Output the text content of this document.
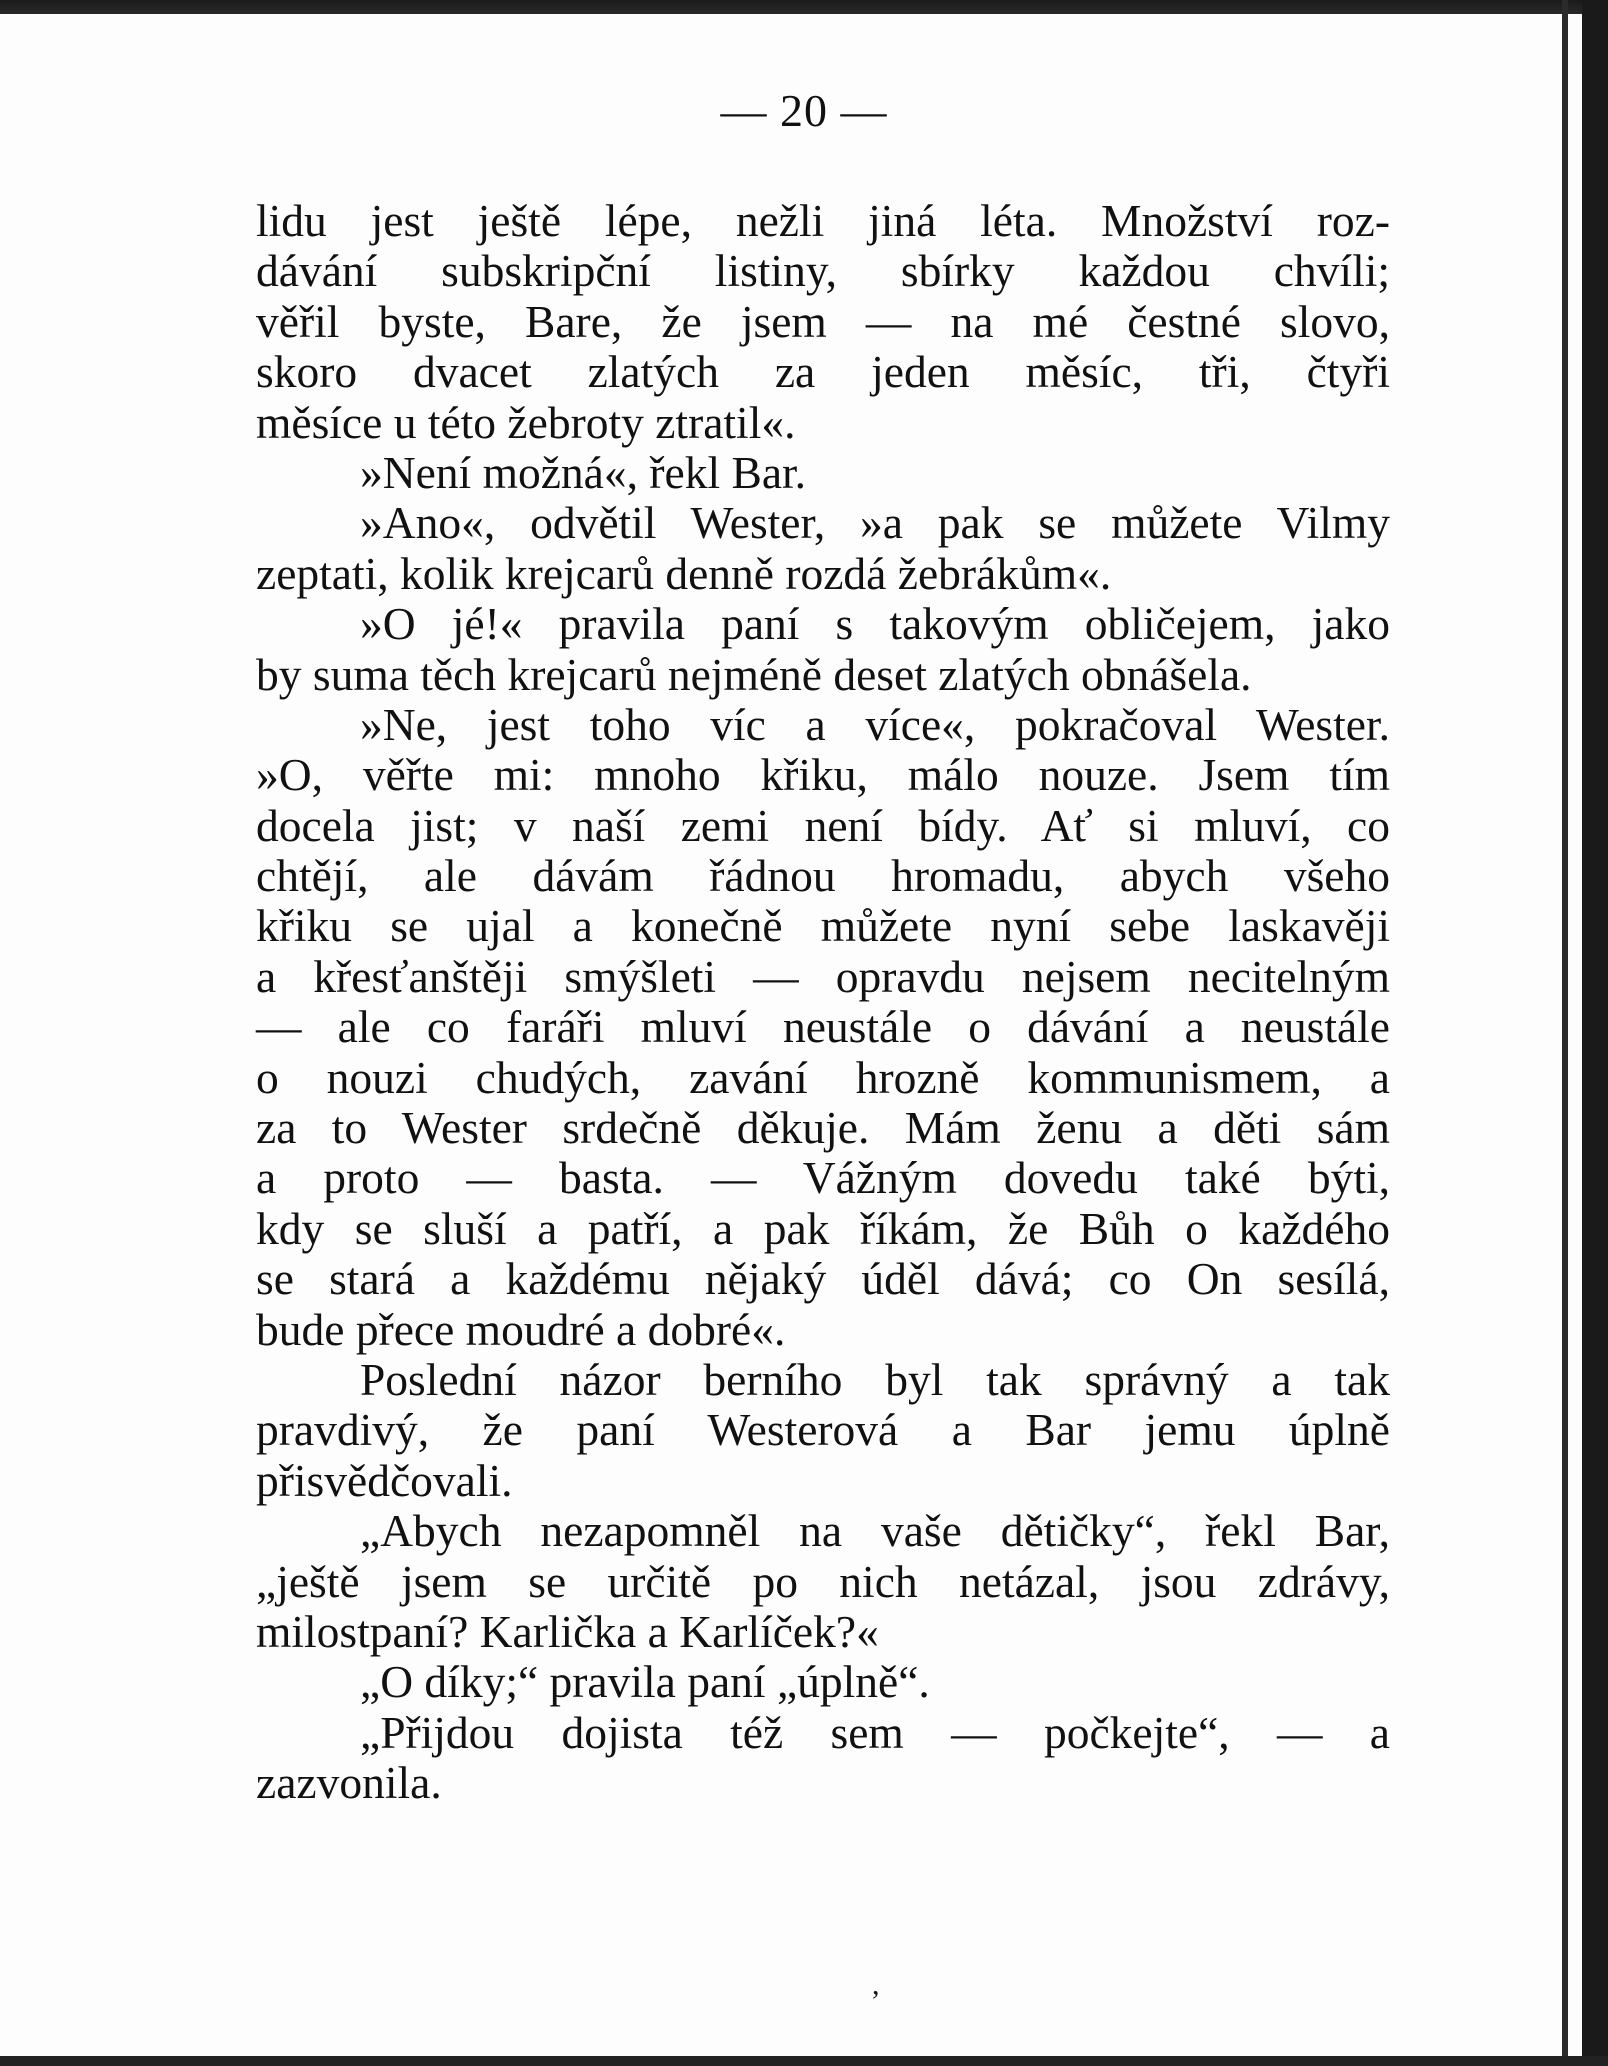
— 20 —
lidu jest ještě lépe, nežli jiná léta. Množství roz-
dávání subskripční listiny, sbírky každou chvíli;
věřil byste, Bare, že jsem — na mé čestné slovo,
skoro dvacet zlatých za jeden měsíc, tři, čtyři
měsíce u této žebroty ztratil«.
»Není možná«, řekl Bar.
»Ano«, odvětil Wester, »a pak se můžete Vilmy
zeptati, kolik krejcarů denně rozdá žebrákům«.
»O jé!« pravila paní s takovým obličejem, jako
by suma těch krejcarů nejméně deset zlatých obnášela.
»Ne, jest toho víc a více«, pokračoval Wester.
»O, věřte mi: mnoho křiku, málo nouze. Jsem tím
docela jist; v naší zemi není bídy. Ať si mluví, co
chtějí, ale dávám řádnou hromadu, abych všeho
křiku se ujal a konečně můžete nyní sebe laskavěji
a křesťanštěji smýšleti — opravdu nejsem necitelným
— ale co faráři mluví neustále o dávání a neustále
o nouzi chudých, zavání hrozně kommunismem, a
za to Wester srdečně děkuje. Mám ženu a děti sám
a proto — basta. — Vážným dovedu také býti,
kdy se sluší a patří, a pak říkám, že Bůh o každého
se stará a každému nějaký úděl dává; co On sesílá,
bude přece moudré a dobré«.
Poslední názor berního byl tak správný a tak
pravdivý, že paní Westerová a Bar jemu úplně
přisvědčovali.
„Abych nezapomněl na vaše dětičky“, řekl Bar,
„ještě jsem se určitě po nich netázal, jsou zdrávy,
milostpaní? Karlička a Karlíček?«
„O díky;“ pravila paní „úplně“.
„Přijdou dojista též sem — počkejte“, — a
zazvonila.
,
